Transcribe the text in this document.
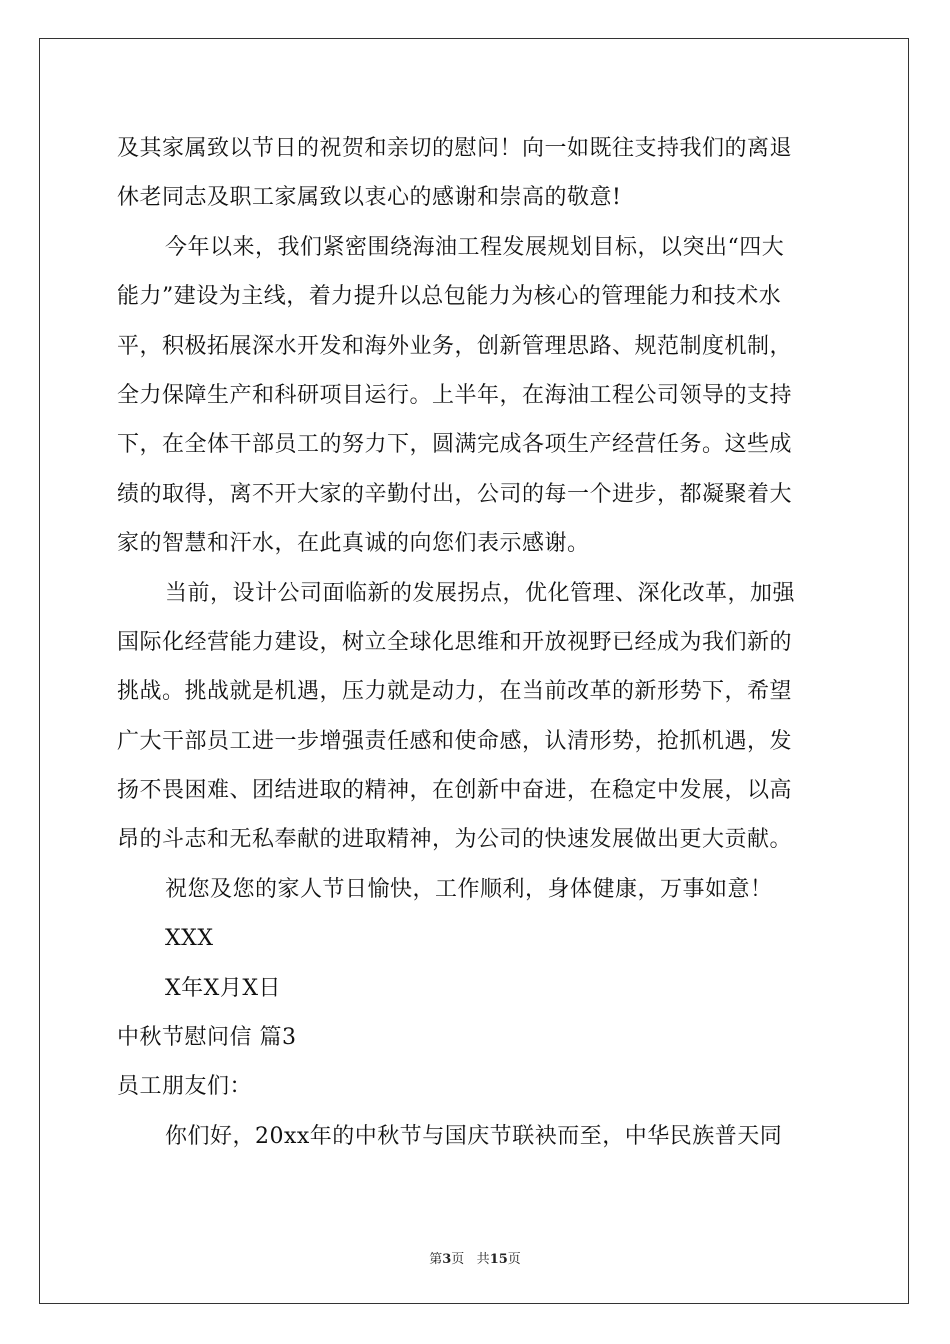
及其家属致以节日的祝贺和亲切的慰问！向一如既往支持我们的离退
休老同志及职工家属致以衷心的感谢和崇高的敬意!
今年以来，我们紧密围绕海油工程发展规划目标，以突出“四大
能力”建设为主线，着力提升以总包能力为核心的管理能力和技术水
平，积极拓展深水开发和海外业务，创新管理思路、规范制度机制，
全力保障生产和科研项目运行。上半年，在海油工程公司领导的支持
下，在全体干部员工的努力下，圆满完成各项生产经营任务。这些成
绩的取得，离不开大家的辛勤付出，公司的每一个进步，都凝聚着大
家的智慧和汗水，在此真诚的向您们表示感谢。
当前，设计公司面临新的发展拐点，优化管理、深化改革，加强
国际化经营能力建设，树立全球化思维和开放视野已经成为我们新的
挑战。挑战就是机遇，压力就是动力，在当前改革的新形势下，希望
广大干部员工进一步增强责任感和使命感，认清形势，抢抓机遇，发
扬不畏困难、团结进取的精神，在创新中奋进，在稳定中发展，以高
昂的斗志和无私奉献的进取精神，为公司的快速发展做出更大贡献。
祝您及您的家人节日愉快，工作顺利，身体健康，万事如意！
XXX
X年X月X日
中秋节慰问信 篇3
员工朋友们：
你们好，20xx年的中秋节与国庆节联袂而至，中华民族普天同
第3页 共15页
